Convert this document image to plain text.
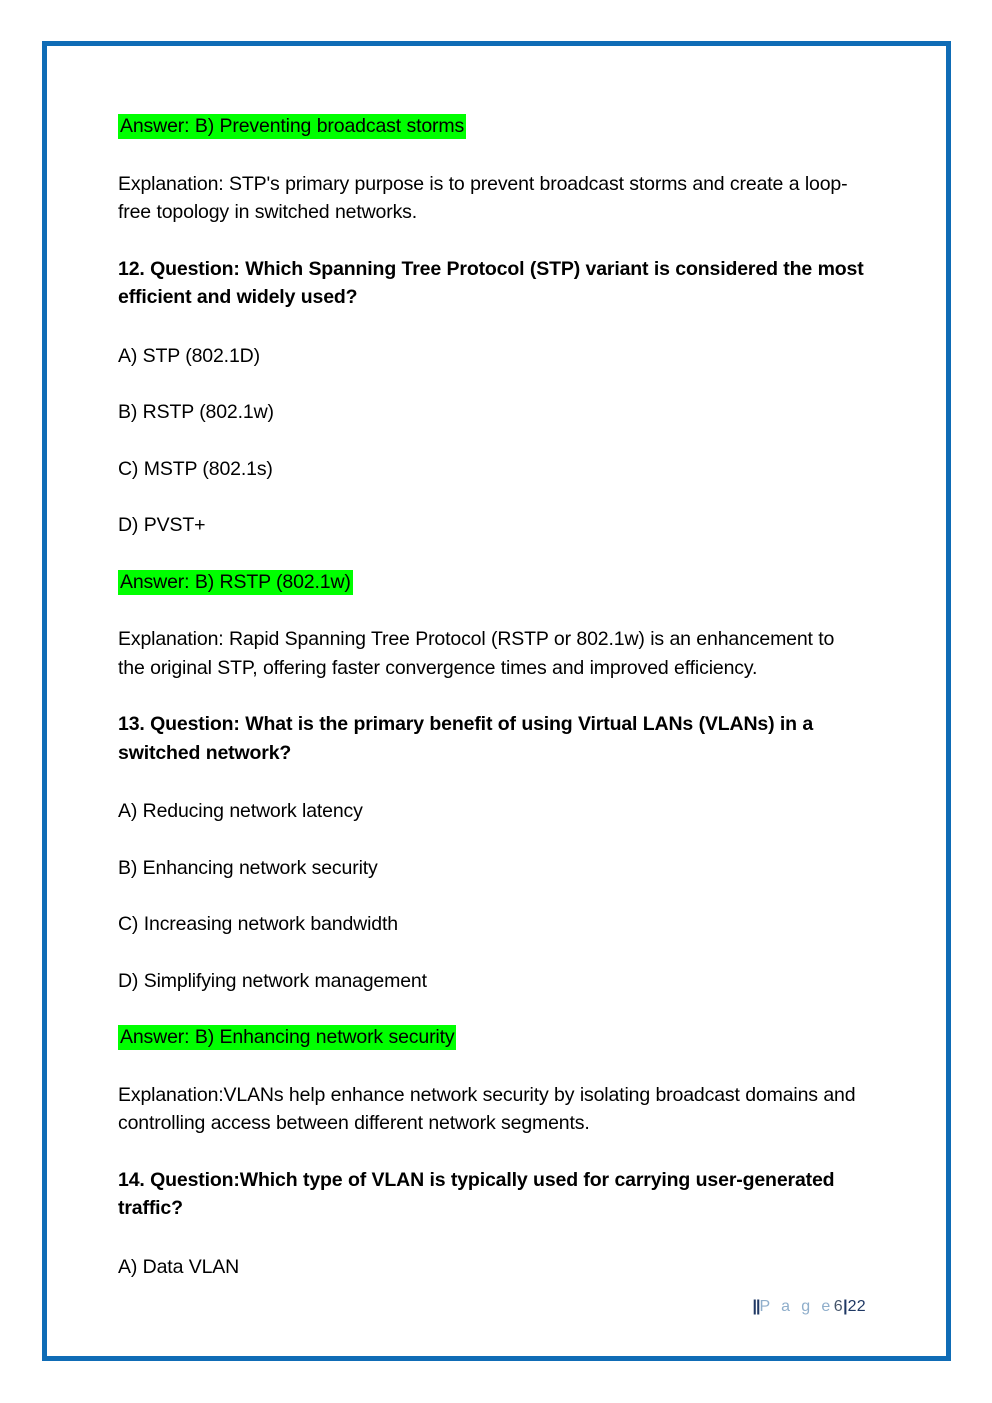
Answer: B) Preventing broadcast storms

Explanation: STP's primary purpose is to prevent broadcast storms and create a loop-free topology in switched networks.

12. Question: Which Spanning Tree Protocol (STP) variant is considered the most efficient and widely used?

A) STP (802.1D)

B) RSTP (802.1w)

C) MSTP (802.1s)

D) PVST+

Answer: B) RSTP (802.1w)

Explanation: Rapid Spanning Tree Protocol (RSTP or 802.1w) is an enhancement to the original STP, offering faster convergence times and improved efficiency.

13. Question: What is the primary benefit of using Virtual LANs (VLANs) in a switched network?

A) Reducing network latency

B) Enhancing network security

C) Increasing network bandwidth

D) Simplifying network management

Answer: B) Enhancing network security

Explanation:VLANs help enhance network security by isolating broadcast domains and controlling access between different network segments.

14. Question:Which type of VLAN is typically used for carrying user-generated traffic?

A) Data VLAN

||P a g e6|22
